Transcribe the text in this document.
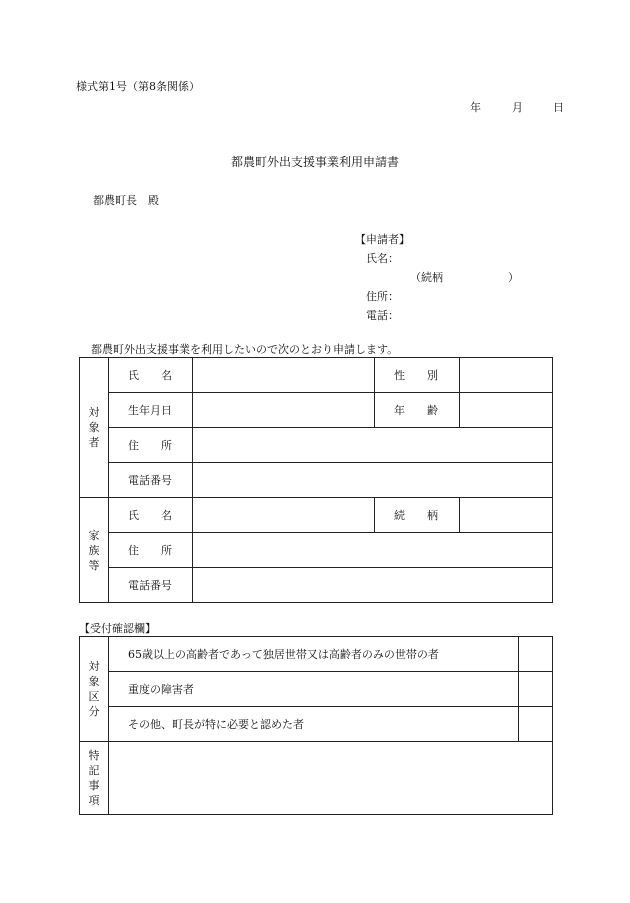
様式第1号（第8条関係）
年	月	日
都農町外出支援事業利用申請書
都農町長　殿
【申請者】
氏名：
（続柄	）
住所：
電話：
都農町外出支援事業を利用したいので次のとおり申請します。
対
象
者	氏　　名		性　　別	
	生年月日		年　　齢	
	住　　所			
	電話番号			

家
族
等	氏　　名		続　　柄	
	住　　所			
	電話番号			
【受付確認欄】
対
象
区
分	65歳以上の高齢者であって独居世帯又は高齢者のみの世帯の者	
	重度の障害者	
	その他、町長が特に必要と認めた者	

特
記
事
項		
